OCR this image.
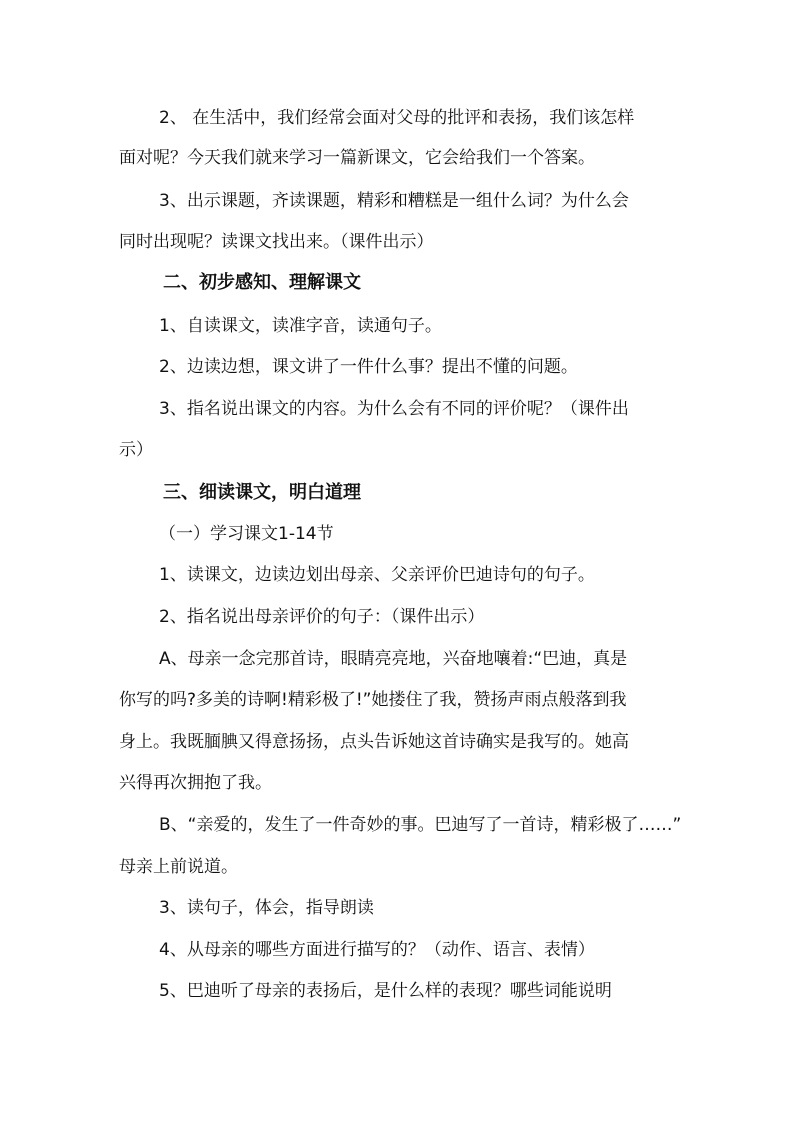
2、 在生活中，我们经常会面对父母的批评和表扬，我们该怎样
面对呢？今天我们就来学习一篇新课文，它会给我们一个答案。
3、出示课题，齐读课题，精彩和糟糕是一组什么词？为什么会
同时出现呢？读课文找出来。（课件出示）
二、初步感知、理解课文
1、自读课文，读准字音，读通句子。
2、边读边想，课文讲了一件什么事？提出不懂的问题。
3、指名说出课文的内容。为什么会有不同的评价呢？（课件出
示）
三、细读课文，明白道理
（一）学习课文1-14节
1、读课文，边读边划出母亲、父亲评价巴迪诗句的句子。
2、指名说出母亲评价的句子：（课件出示）
A、母亲一念完那首诗，眼睛亮亮地，兴奋地嚷着:“巴迪，真是
你写的吗?多美的诗啊!精彩极了!”她搂住了我，赞扬声雨点般落到我
身上。我既腼腆又得意扬扬，点头告诉她这首诗确实是我写的。她高
兴得再次拥抱了我。
B、“亲爱的，发生了一件奇妙的事。巴迪写了一首诗，精彩极了……”
母亲上前说道。
3、读句子，体会，指导朗读
4、从母亲的哪些方面进行描写的？（动作、语言、表情）
5、巴迪听了母亲的表扬后，是什么样的表现？哪些词能说明
